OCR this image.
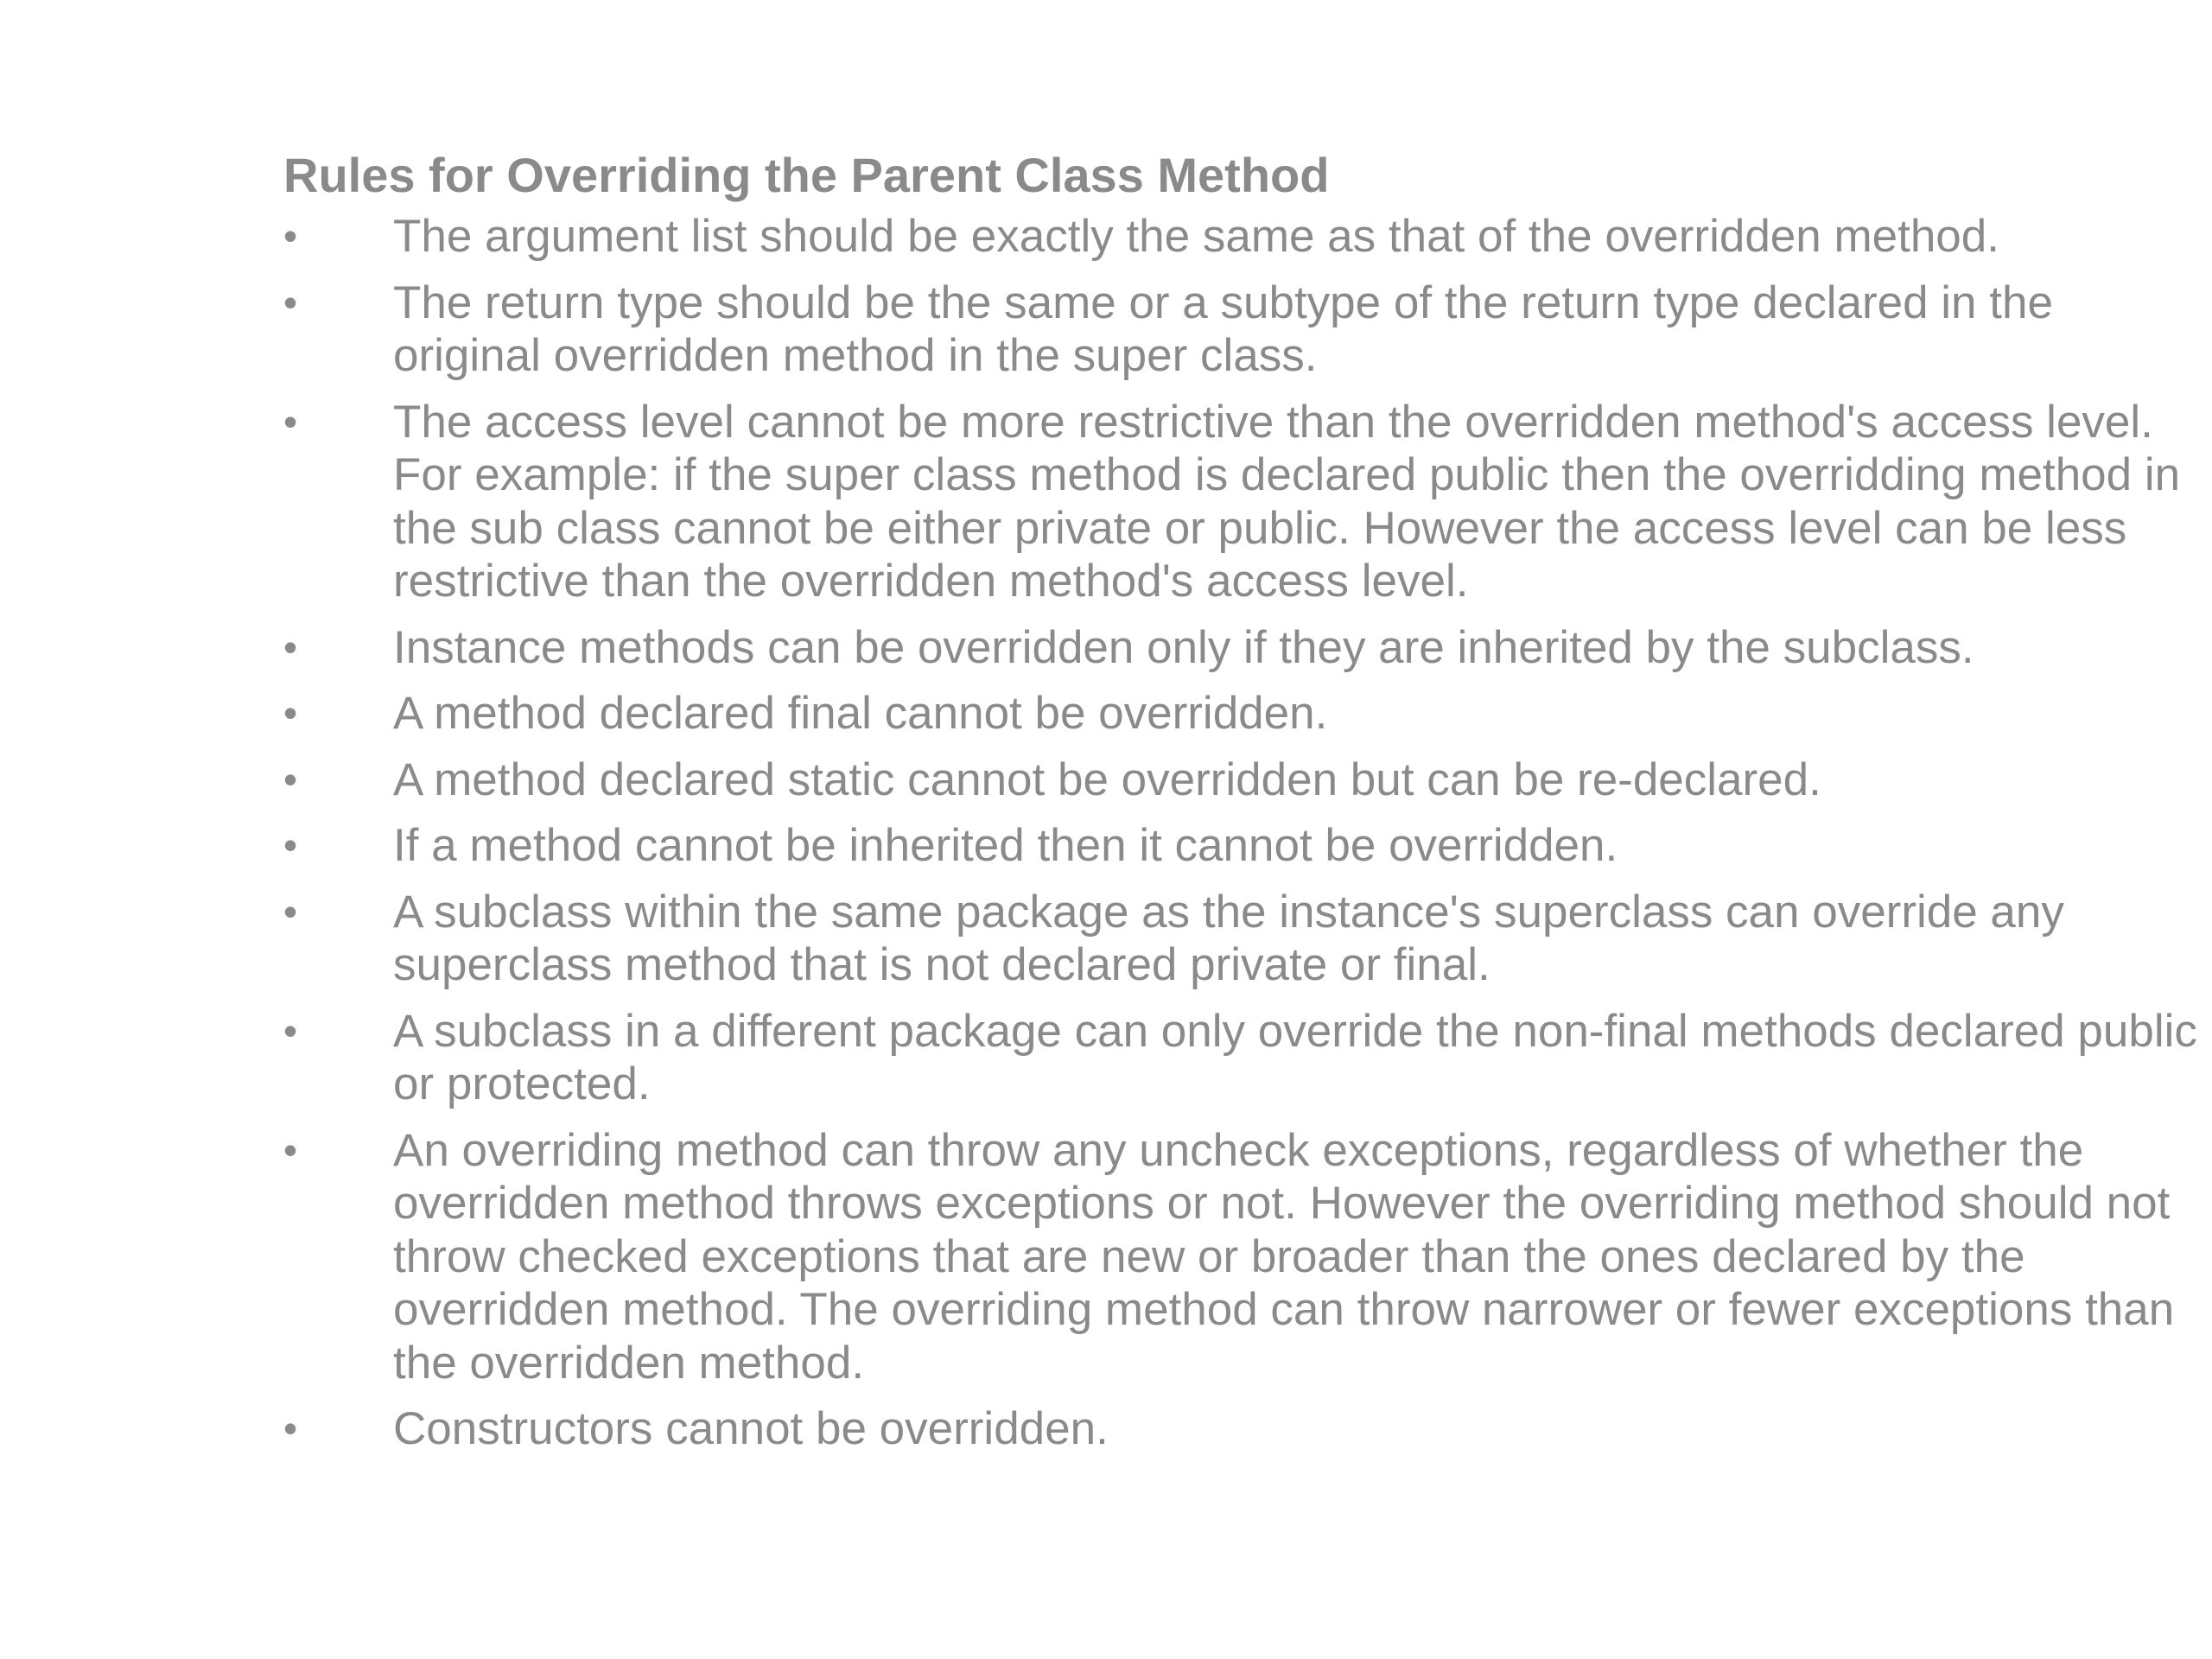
Rules for Overriding the Parent Class Method
•	The argument list should be exactly the same as that of the overridden method.
•	The return type should be the same or a subtype of the return type declared in the original overridden method in the super class.
•	The access level cannot be more restrictive than the overridden method's access level. For example: if the super class method is declared public then the overridding method in the sub class cannot be either private or public. However the access level can be less restrictive than the overridden method's access level.
•	Instance methods can be overridden only if they are inherited by the subclass.
•	A method declared final cannot be overridden.
•	A method declared static cannot be overridden but can be re-declared.
•	If a method cannot be inherited then it cannot be overridden.
•	A subclass within the same package as the instance's superclass can override any superclass method that is not declared private or final.
•	A subclass in a different package can only override the non-final methods declared public or protected.
•	An overriding method can throw any uncheck exceptions, regardless of whether the overridden method throws exceptions or not. However the overriding method should not throw checked exceptions that are new or broader than the ones declared by the overridden method. The overriding method can throw narrower or fewer exceptions than the overridden method.
•	Constructors cannot be overridden.
